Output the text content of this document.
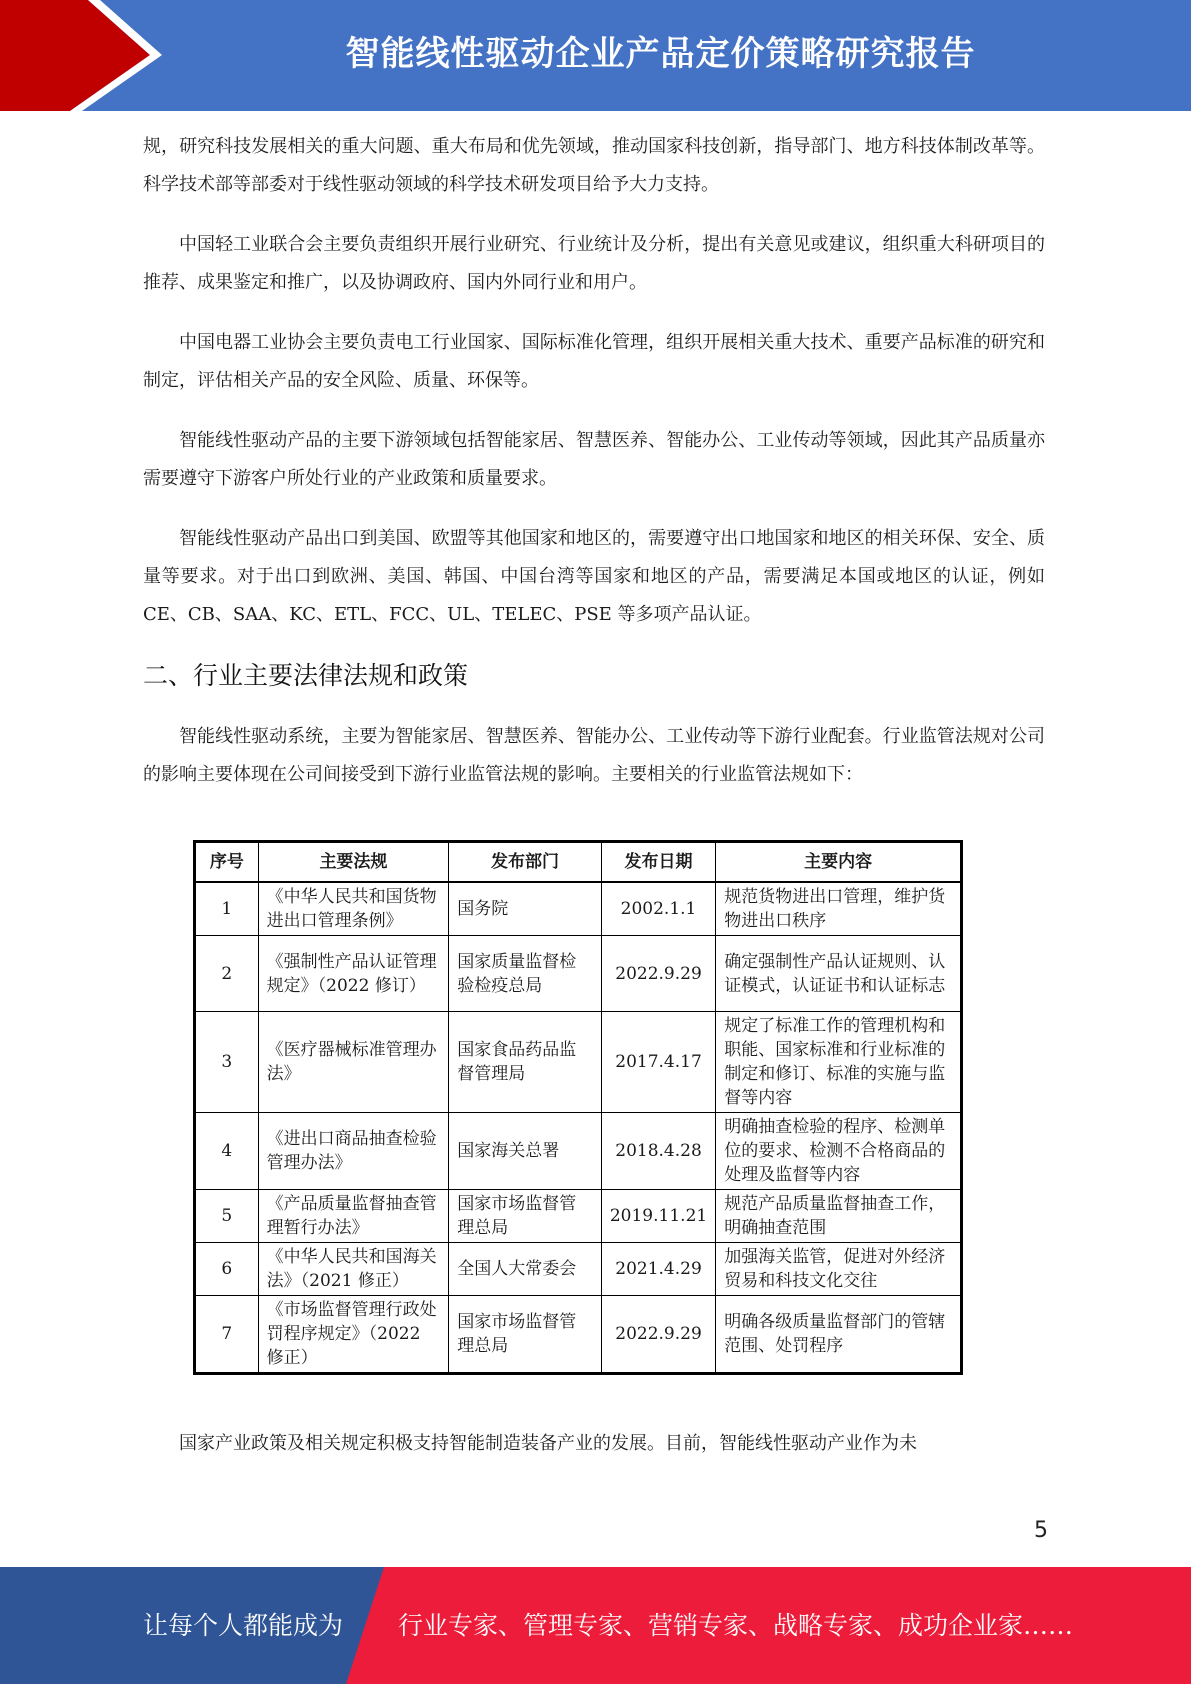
智能线性驱动企业产品定价策略研究报告

规，研究科技发展相关的重大问题、重大布局和优先领域，推动国家科技创新，指导部门、地方科技体制改革等。科学技术部等部委对于线性驱动领域的科学技术研发项目给予大力支持。

中国轻工业联合会主要负责组织开展行业研究、行业统计及分析，提出有关意见或建议，组织重大科研项目的推荐、成果鉴定和推广，以及协调政府、国内外同行业和用户。

中国电器工业协会主要负责电工行业国家、国际标准化管理，组织开展相关重大技术、重要产品标准的研究和制定，评估相关产品的安全风险、质量、环保等。

智能线性驱动产品的主要下游领域包括智能家居、智慧医养、智能办公、工业传动等领域，因此其产品质量亦需要遵守下游客户所处行业的产业政策和质量要求。

智能线性驱动产品出口到美国、欧盟等其他国家和地区的，需要遵守出口地国家和地区的相关环保、安全、质量等要求。对于出口到欧洲、美国、韩国、中国台湾等国家和地区的产品，需要满足本国或地区的认证，例如 CE、CB、SAA、KC、ETL、FCC、UL、TELEC、PSE 等多项产品认证。

二、行业主要法律法规和政策

智能线性驱动系统，主要为智能家居、智慧医养、智能办公、工业传动等下游行业配套。行业监管法规对公司的影响主要体现在公司间接受到下游行业监管法规的影响。主要相关的行业监管法规如下：

序号	主要法规	发布部门	发布日期	主要内容
1	《中华人民共和国货物进出口管理条例》	国务院	2002.1.1	规范货物进出口管理，维护货物进出口秩序
2	《强制性产品认证管理规定》（2022 修订）	国家质量监督检验检疫总局	2022.9.29	确定强制性产品认证规则、认证模式，认证证书和认证标志
3	《医疗器械标准管理办法》	国家食品药品监督管理局	2017.4.17	规定了标准工作的管理机构和职能、国家标准和行业标准的制定和修订、标准的实施与监督等内容
4	《进出口商品抽查检验管理办法》	国家海关总署	2018.4.28	明确抽查检验的程序、检测单位的要求、检测不合格商品的处理及监督等内容
5	《产品质量监督抽查管理暂行办法》	国家市场监督管理总局	2019.11.21	规范产品质量监督抽查工作，明确抽查范围
6	《中华人民共和国海关法》（2021 修正）	全国人大常委会	2021.4.29	加强海关监管，促进对外经济贸易和科技文化交往
7	《市场监督管理行政处罚程序规定》（2022 修正）	国家市场监督管理总局	2022.9.29	明确各级质量监督部门的管辖范围、处罚程序

国家产业政策及相关规定积极支持智能制造装备产业的发展。目前，智能线性驱动产业作为未

5
让每个人都能成为 行业专家、管理专家、营销专家、战略专家、成功企业家……
